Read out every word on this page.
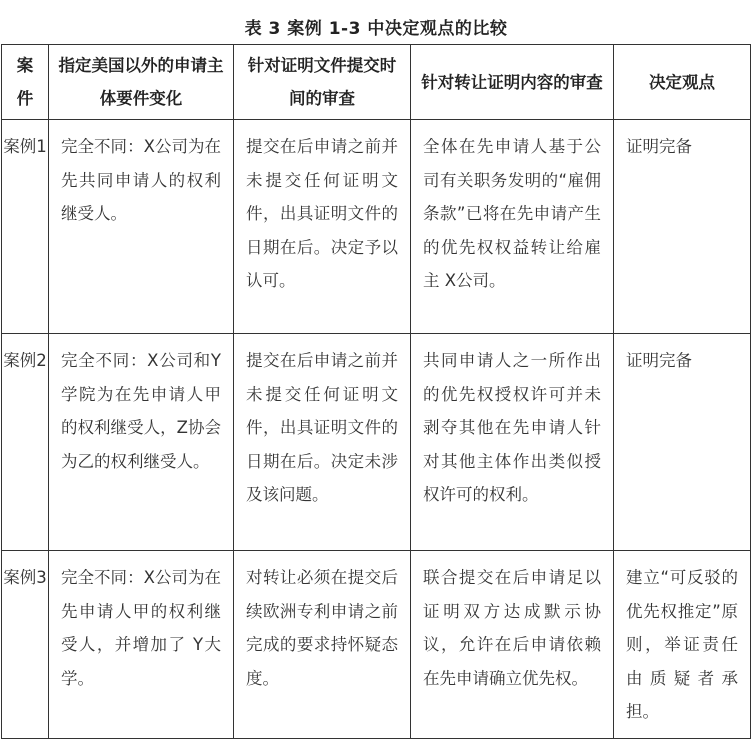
表 3 案例 1-3 中决定观点的比较
案件	指定美国以外的申请主体要件变化	针对证明文件提交时间的审查	针对转让证明内容的审查	决定观点
案例1	完全不同：X公司为在先共同申请人的权利继受人。	提交在后申请之前并未提交任何证明文件，出具证明文件的日期在后。决定予以认可。	全体在先申请人基于公司有关职务发明的“雇佣条款”已将在先申请产生的优先权权益转让给雇主 X公司。	证明完备
案例2	完全不同：X公司和Y学院为在先申请人甲的权利继受人，Z协会为乙的权利继受人。	提交在后申请之前并未提交任何证明文件，出具证明文件的日期在后。决定未涉及该问题。	共同申请人之一所作出的优先权授权许可并未剥夺其他在先申请人针对其他主体作出类似授权许可的权利。	证明完备
案例3	完全不同：X公司为在先申请人甲的权利继受人，并增加了 Y大学。	对转让必须在提交后续欧洲专利申请之前完成的要求持怀疑态度。	联合提交在后申请足以证明双方达成默示协议，允许在后申请依赖在先申请确立优先权。	建立“可反驳的优先权推定”原则，举证责任由质疑者承担。
